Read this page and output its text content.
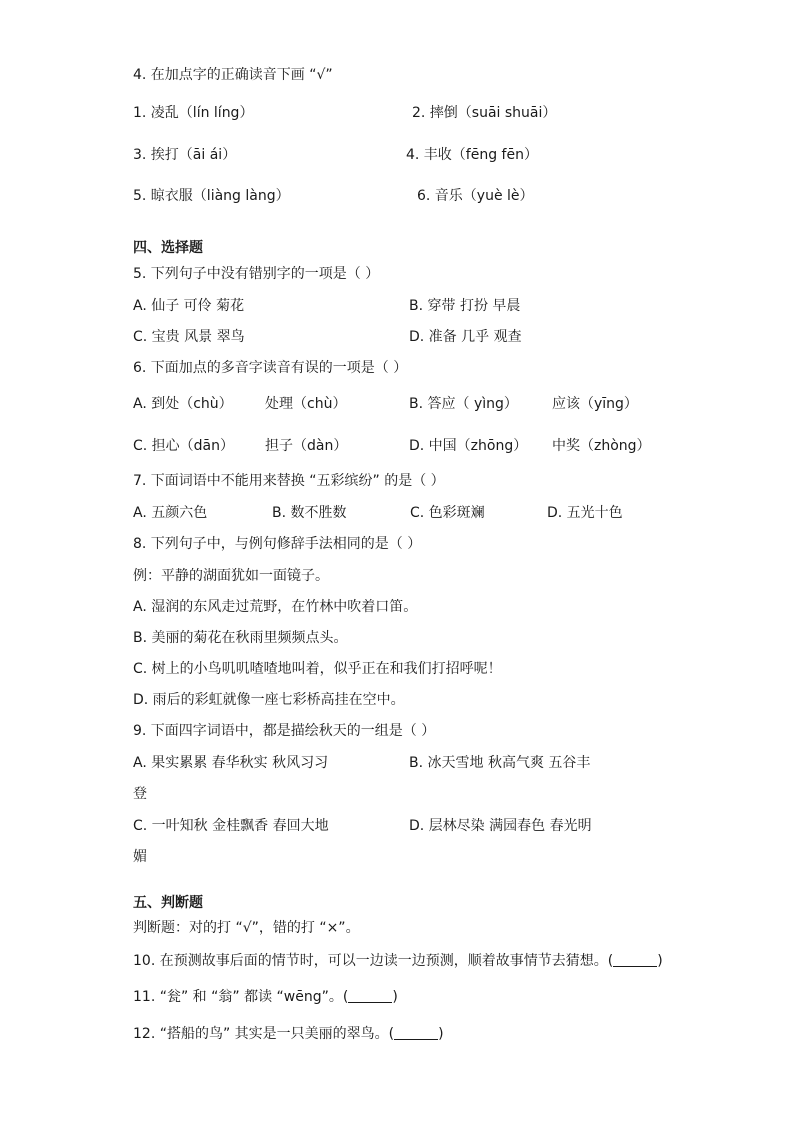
4. 在加点字的正确读音下画 “√”
1. 凌乱（lín líng）	2. 摔倒（suāi shuāi）
3. 挨打（āi ái）	4. 丰收（fēng fēn）
5. 晾衣服（liàng làng）	6. 音乐（yuè lè）
四、选择题
5. 下列句子中没有错别字的一项是（ ）
A. 仙子 可伶 菊花	B. 穿带 打扮 早晨
C. 宝贵 风景 翠鸟	D. 准备 几乎 观查
6. 下面加点的多音字读音有误的一项是（ ）
A. 到处（chù） 处理（chù）	B. 答应（ yìng） 应该（yīng）
C. 担心（dān） 担子（dàn）	D. 中国（zhōng） 中奖（zhòng）
7. 下面词语中不能用来替换 “五彩缤纷” 的是（ ）
A. 五颜六色	B. 数不胜数	C. 色彩斑斓	D. 五光十色
8. 下列句子中，与例句修辞手法相同的是（ ）
例：平静的湖面犹如一面镜子。
A. 湿润的东风走过荒野，在竹林中吹着口笛。
B. 美丽的菊花在秋雨里频频点头。
C. 树上的小鸟叽叽喳喳地叫着，似乎正在和我们打招呼呢！
D. 雨后的彩虹就像一座七彩桥高挂在空中。
9. 下面四字词语中，都是描绘秋天的一组是（ ）
A. 果实累累 春华秋实 秋风习习	B. 冰天雪地 秋高气爽 五谷丰
登
C. 一叶知秋 金桂飘香 春回大地	D. 层林尽染 满园春色 春光明
媚
五、判断题
判断题：对的打 “√”，错的打 “×”。
10. 在预测故事后面的情节时，可以一边读一边预测，顺着故事情节去猜想。(	)
11. “瓮” 和 “翁” 都读 “wēng”。(	)
12. “搭船的鸟” 其实是一只美丽的翠鸟。(	)
